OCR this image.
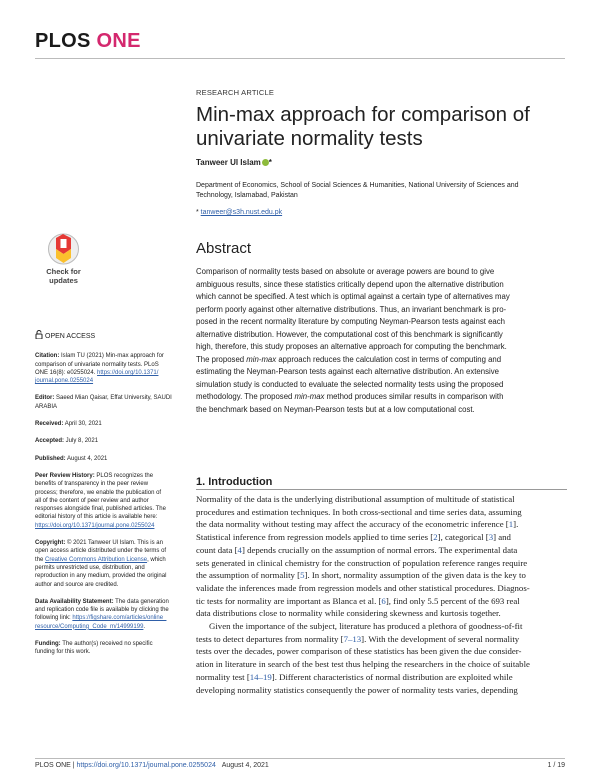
PLOS ONE
RESEARCH ARTICLE
Min-max approach for comparison of
univariate normality tests
Tanweer Ul Islam *
Department of Economics, School of Social Sciences & Humanities, National University of Sciences and
Technology, Islamabad, Pakistan
* tanweer@s3h.nust.edu.pk
Check for
updates
Abstract
Comparison of normality tests based on absolute or average powers are bound to give
ambiguous results, since these statistics critically depend upon the alternative distribution
which cannot be specified. A test which is optimal against a certain type of alternatives may
perform poorly against other alternative distributions. Thus, an invariant benchmark is pro-
posed in the recent normality literature by computing Neyman-Pearson tests against each
alternative distribution. However, the computational cost of this benchmark is significantly
high, therefore, this study proposes an alternative approach for computing the benchmark.
The proposed min-max approach reduces the calculation cost in terms of computing and
estimating the Neyman-Pearson tests against each alternative distribution. An extensive
simulation study is conducted to evaluate the selected normality tests using the proposed
methodology. The proposed min-max method produces similar results in comparison with
the benchmark based on Neyman-Pearson tests but at a low computational cost.
OPEN ACCESS
Citation: Islam TU (2021) Min-max approach for
comparison of univariate normality tests. PLoS
ONE 16(8): e0255024. https://doi.org/10.1371/
journal.pone.0255024
Editor: Saeed Mian Qaisar, Effat University, SAUDI
ARABIA
Received: April 30, 2021
Accepted: July 8, 2021
Published: August 4, 2021
Peer Review History: PLOS recognizes the
benefits of transparency in the peer review
process; therefore, we enable the publication of
all of the content of peer review and author
responses alongside final, published articles. The
editorial history of this article is available here:
https://doi.org/10.1371/journal.pone.0255024
Copyright: © 2021 Tanweer Ul Islam. This is an
open access article distributed under the terms of
the Creative Commons Attribution License, which
permits unrestricted use, distribution, and
reproduction in any medium, provided the original
author and source are credited.
Data Availability Statement: The data generation
and replication code file is available by clicking the
following link: https://figshare.com/articles/online_
resource/Computing_Code_m/14999199.
Funding: The author(s) received no specific
funding for this work.
1. Introduction
Normality of the data is the underlying distributional assumption of multitude of statistical
procedures and estimation techniques. In both cross-sectional and time series data, assuming
the data normality without testing may affect the accuracy of the econometric inference [1].
Statistical inference from regression models applied to time series [2], categorical [3] and
count data [4] depends crucially on the assumption of normal errors. The experimental data
sets generated in clinical chemistry for the construction of population reference ranges require
the assumption of normality [5]. In short, normality assumption of the given data is the key to
validate the inferences made from regression models and other statistical procedures. Diagnos-
tic tests for normality are important as Blanca et al. [6], find only 5.5 percent of the 693 real
data distributions close to normality while considering skewness and kurtosis together.
Given the importance of the subject, literature has produced a plethora of goodness-of-fit
tests to detect departures from normality [7–13]. With the development of several normality
tests over the decades, power comparison of these statistics has been given the due consider-
ation in literature in search of the best test thus helping the researchers in the choice of suitable
normality test [14–19]. Different characteristics of normal distribution are exploited while
developing normality statistics consequently the power of normality tests varies, depending
PLOS ONE | https://doi.org/10.1371/journal.pone.0255024 August 4, 2021	1 / 19
